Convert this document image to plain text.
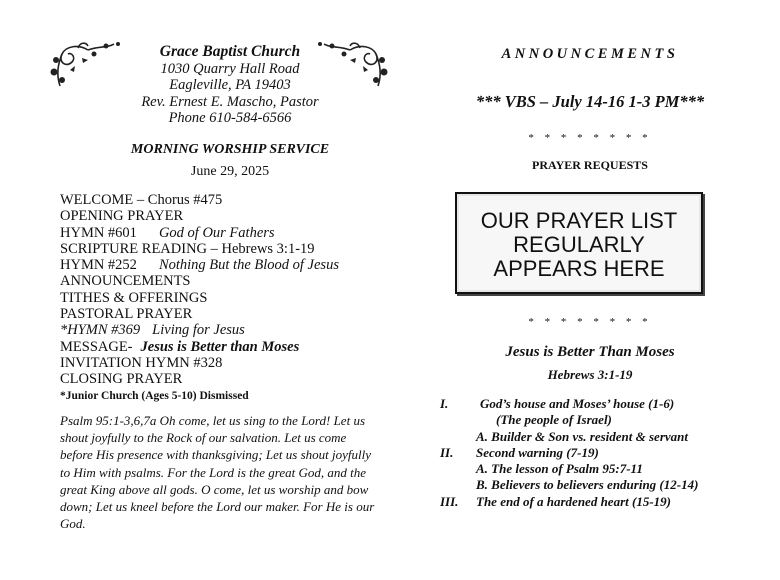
Grace Baptist Church
1030 Quarry Hall Road
Eagleville, PA 19403
Rev. Ernest E. Mascho, Pastor
Phone 610-584-6566
MORNING WORSHIP SERVICE
June 29, 2025
WELCOME – Chorus #475
OPENING PRAYER
HYMN #601 God of Our Fathers
SCRIPTURE READING – Hebrews 3:1-19
HYMN #252 Nothing But the Blood of Jesus
ANNOUNCEMENTS
TITHES & OFFERINGS
PASTORAL PRAYER
*HYMN #369 Living for Jesus
MESSAGE- Jesus is Better than Moses
INVITATION HYMN #328
CLOSING PRAYER
*Junior Church (Ages 5-10) Dismissed
Psalm 95:1-3,6,7a Oh come, let us sing to the Lord! Let us shout joyfully to the Rock of our salvation. Let us come before His presence with thanksgiving; Let us shout joyfully to Him with psalms. For the Lord is the great God, and the great King above all gods. O come, let us worship and bow down; Let us kneel before the Lord our maker. For He is our God.
ANNOUNCEMENTS
*** VBS – July 14-16 1-3 PM***
* * * * * * * *
PRAYER REQUESTS
OUR PRAYER LIST
REGULARLY
APPEARS HERE
* * * * * * * *
Jesus is Better Than Moses
Hebrews 3:1-19
I. God’s house and Moses’ house (1-6)
(The people of Israel)
A. Builder & Son vs. resident & servant
II. Second warning (7-19)
A. The lesson of Psalm 95:7-11
B. Believers to believers enduring (12-14)
III. The end of a hardened heart (15-19)
